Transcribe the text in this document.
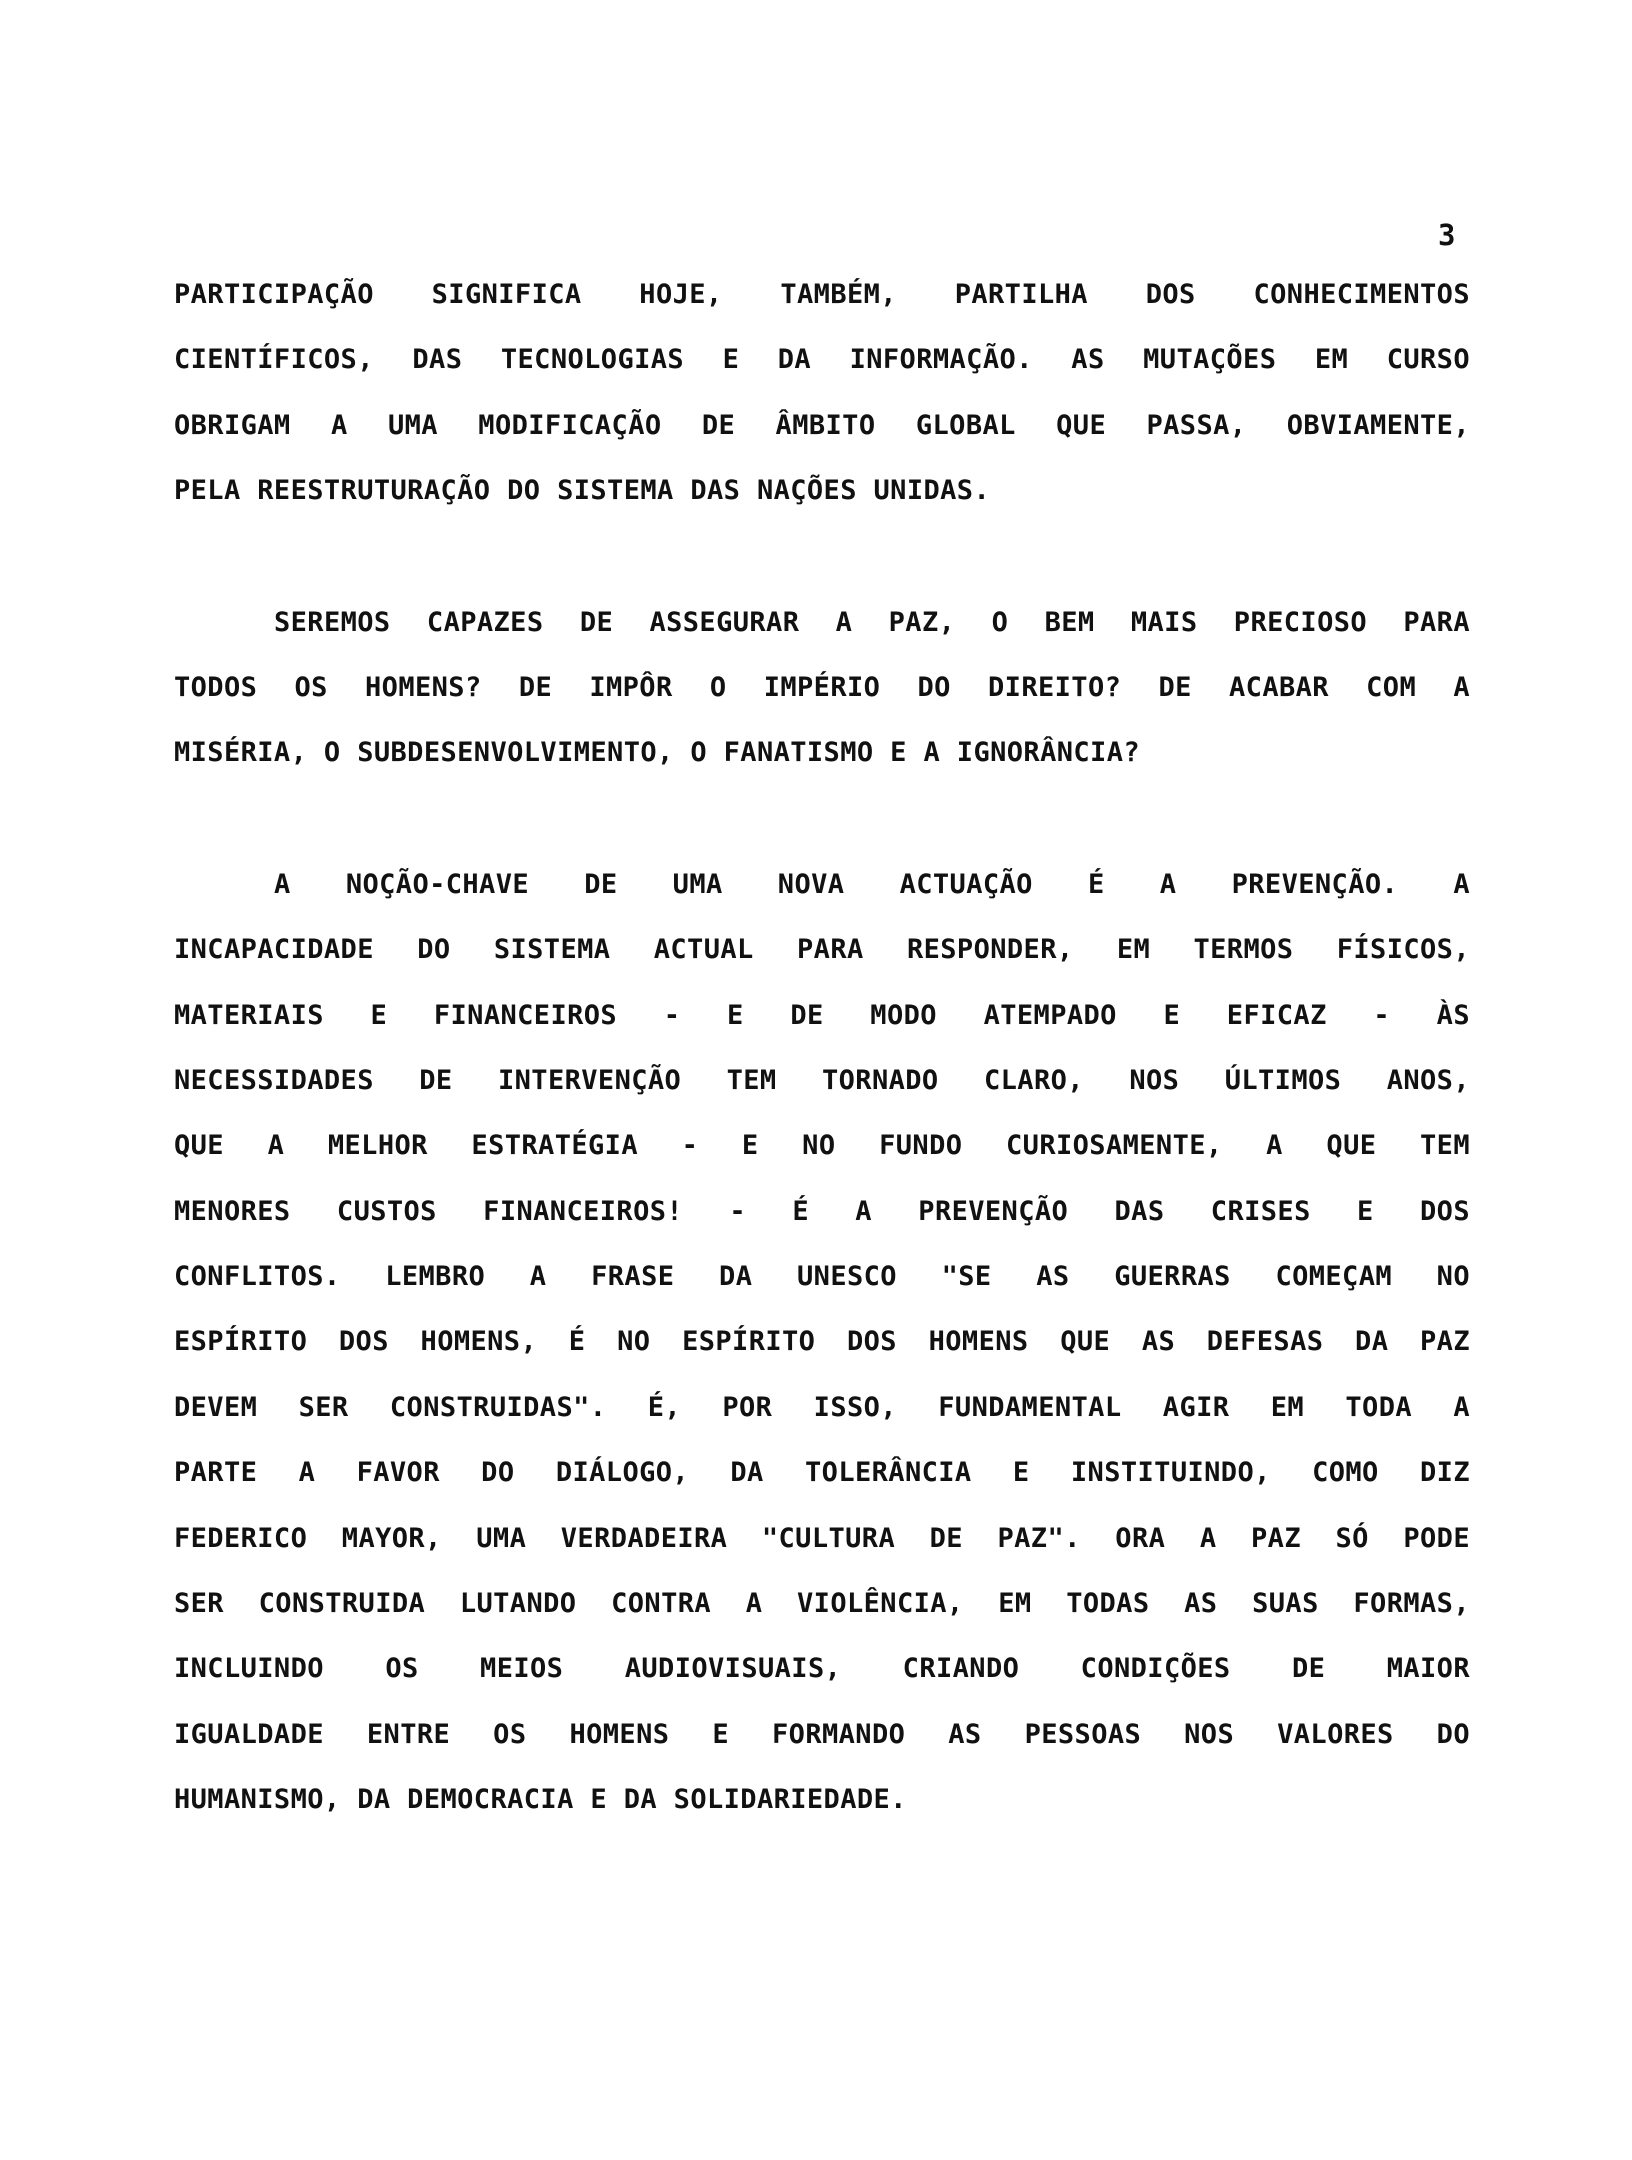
3

PARTICIPAÇÃO SIGNIFICA HOJE, TAMBÉM, PARTILHA DOS CONHECIMENTOS
CIENTÍFICOS, DAS TECNOLOGIAS E DA INFORMAÇÃO. AS MUTAÇÕES EM CURSO
OBRIGAM A UMA MODIFICAÇÃO DE ÂMBITO GLOBAL QUE PASSA, OBVIAMENTE,
PELA REESTRUTURAÇÃO DO SISTEMA DAS NAÇÕES UNIDAS.

SEREMOS CAPAZES DE ASSEGURAR A PAZ, O BEM MAIS PRECIOSO PARA
TODOS OS HOMENS? DE IMPÔR O IMPÉRIO DO DIREITO? DE ACABAR COM A
MISÉRIA, O SUBDESENVOLVIMENTO, O FANATISMO E A IGNORÂNCIA?

A NOÇÃO-CHAVE DE UMA NOVA ACTUAÇÃO É A PREVENÇÃO. A
INCAPACIDADE DO SISTEMA ACTUAL PARA RESPONDER, EM TERMOS FÍSICOS,
MATERIAIS E FINANCEIROS - E DE MODO ATEMPADO E EFICAZ - ÀS
NECESSIDADES DE INTERVENÇÃO TEM TORNADO CLARO, NOS ÚLTIMOS ANOS,
QUE A MELHOR ESTRATÉGIA - E NO FUNDO CURIOSAMENTE, A QUE TEM
MENORES CUSTOS FINANCEIROS! - É A PREVENÇÃO DAS CRISES E DOS
CONFLITOS. LEMBRO A FRASE DA UNESCO "SE AS GUERRAS COMEÇAM NO
ESPÍRITO DOS HOMENS, É NO ESPÍRITO DOS HOMENS QUE AS DEFESAS DA PAZ
DEVEM SER CONSTRUIDAS". É, POR ISSO, FUNDAMENTAL AGIR EM TODA A
PARTE A FAVOR DO DIÁLOGO, DA TOLERÂNCIA E INSTITUINDO, COMO DIZ
FEDERICO MAYOR, UMA VERDADEIRA "CULTURA DE PAZ". ORA A PAZ SÓ PODE
SER CONSTRUIDA LUTANDO CONTRA A VIOLÊNCIA, EM TODAS AS SUAS FORMAS,
INCLUINDO OS MEIOS AUDIOVISUAIS, CRIANDO CONDIÇÕES DE MAIOR
IGUALDADE ENTRE OS HOMENS E FORMANDO AS PESSOAS NOS VALORES DO
HUMANISMO, DA DEMOCRACIA E DA SOLIDARIEDADE.
